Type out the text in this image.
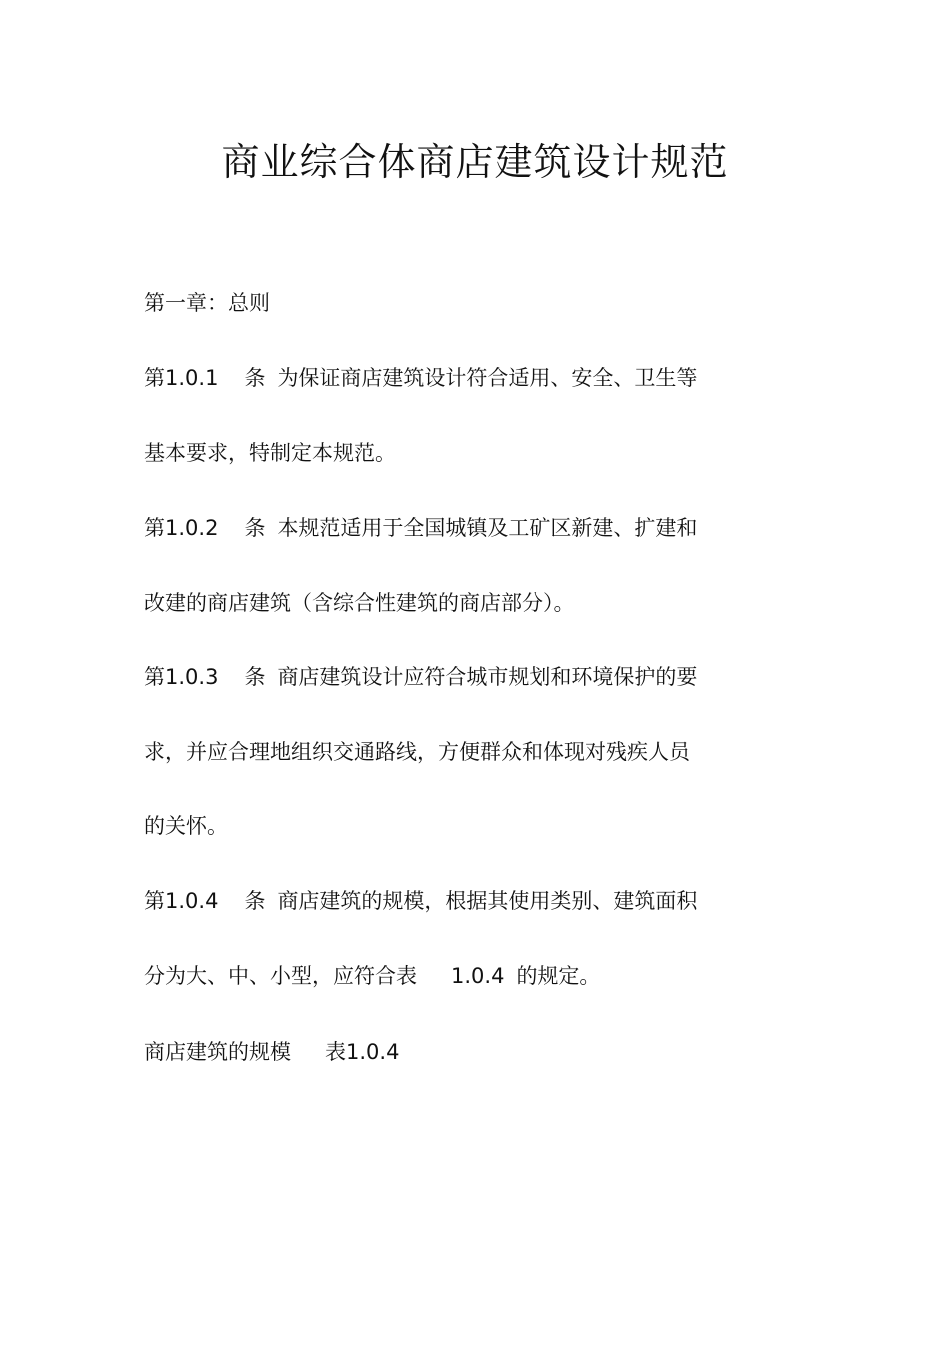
商业综合体商店建筑设计规范
第一章：总则
第1.0.1 条 为保证商店建筑设计符合适用、安全、卫生等
基本要求，特制定本规范。
第1.0.2 条 本规范适用于全国城镇及工矿区新建、扩建和
改建的商店建筑（含综合性建筑的商店部分）。
第1.0.3 条 商店建筑设计应符合城市规划和环境保护的要
求，并应合理地组织交通路线，方便群众和体现对残疾人员
的关怀。
第1.0.4 条 商店建筑的规模，根据其使用类别、建筑面积
分为大、中、小型，应符合表 1.0.4 的规定。
商店建筑的规模 表1.0.4
